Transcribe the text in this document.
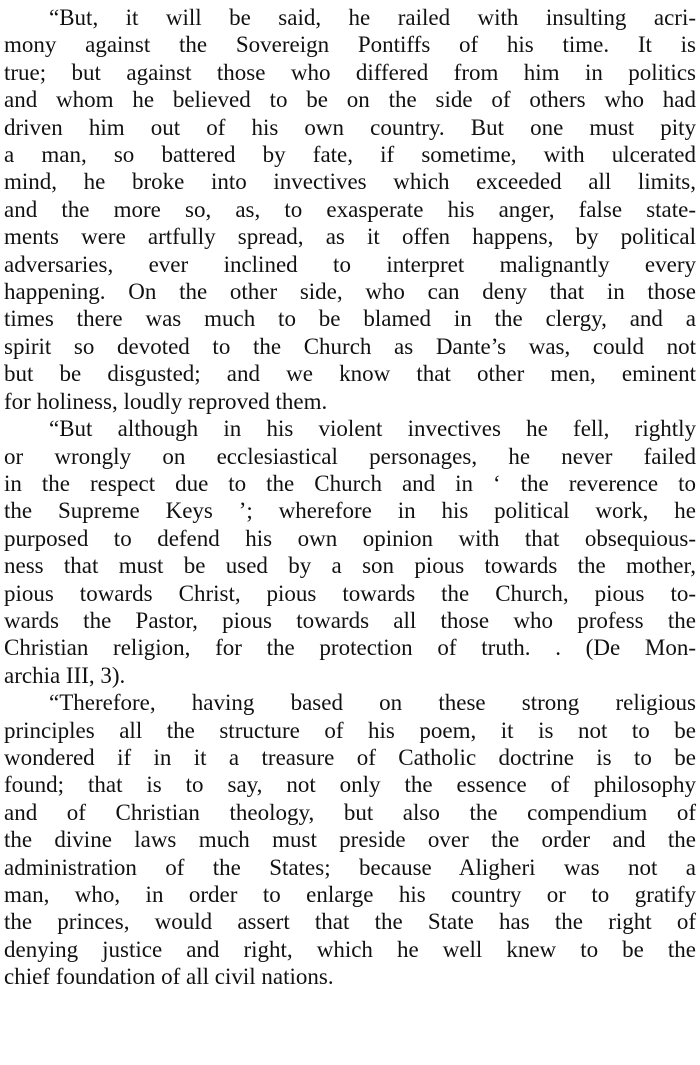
“But, it will be said, he railed with insulting acri-
mony against the Sovereign Pontiffs of his time. It is
true; but against those who differed from him in politics
and whom he believed to be on the side of others who had
driven him out of his own country. But one must pity
a man, so battered by fate, if sometime, with ulcerated
mind, he broke into invectives which exceeded all limits,
and the more so, as, to exasperate his anger, false state-
ments were artfully spread, as it offen happens, by political
adversaries, ever inclined to interpret malignantly every
happening. On the other side, who can deny that in those
times there was much to be blamed in the clergy, and a
spirit so devoted to the Church as Dante’s was, could not
but be disgusted; and we know that other men, eminent
for holiness, loudly reproved them.

“But although in his violent invectives he fell, rightly
or wrongly on ecclesiastical personages, he never failed
in the respect due to the Church and in ‘ the reverence to
the Supreme Keys ’; wherefore in his political work, he
purposed to defend his own opinion with that obsequious-
ness that must be used by a son pious towards the mother,
pious towards Christ, pious towards the Church, pious to-
wards the Pastor, pious towards all those who profess the
Christian religion, for the protection of truth. . (De Mon-
archia III, 3).

“Therefore, having based on these strong religious
principles all the structure of his poem, it is not to be
wondered if in it a treasure of Catholic doctrine is to be
found; that is to say, not only the essence of philosophy
and of Christian theology, but also the compendium of
the divine laws much must preside over the order and the
administration of the States; because Aligheri was not a
man, who, in order to enlarge his country or to gratify
the princes, would assert that the State has the right of
denying justice and right, which he well knew to be the
chief foundation of all civil nations.
